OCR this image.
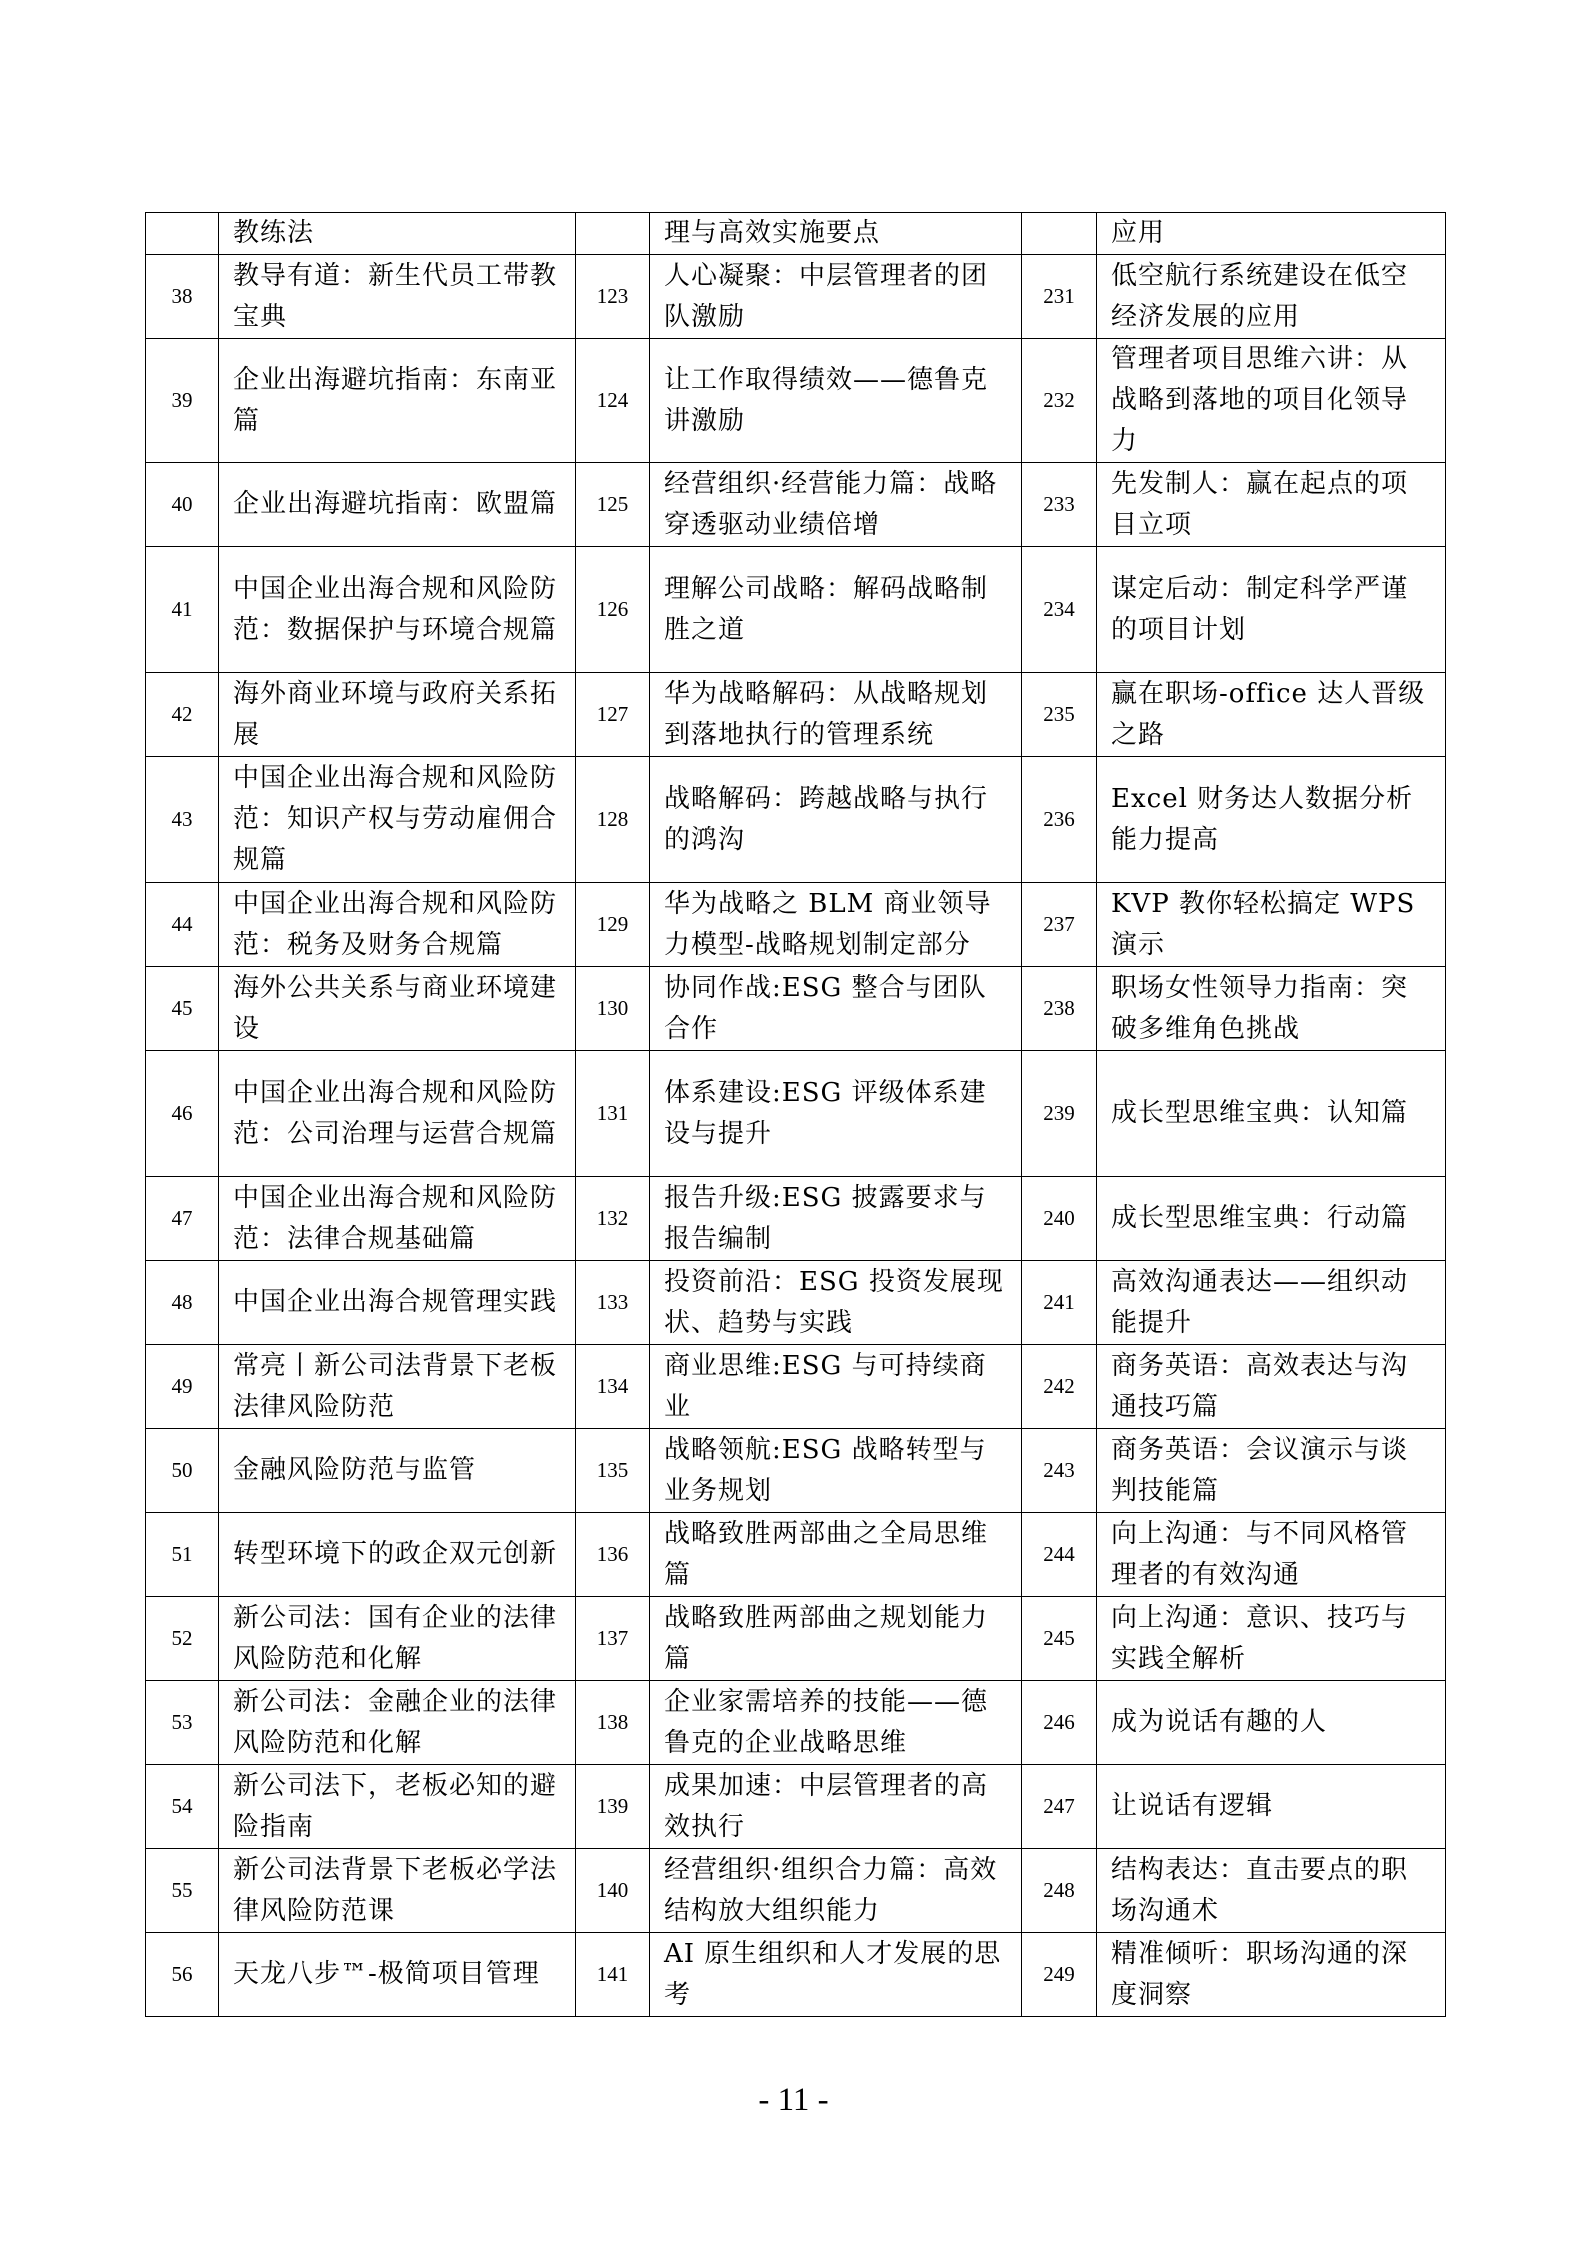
	教练法		理与高效实施要点		应用
38	教导有道：新生代员工带教宝典	123	人心凝聚：中层管理者的团队激励	231	低空航行系统建设在低空经济发展的应用
39	企业出海避坑指南：东南亚篇	124	让工作取得绩效——德鲁克讲激励	232	管理者项目思维六讲：从战略到落地的项目化领导力
40	企业出海避坑指南：欧盟篇	125	经营组织·经营能力篇：战略穿透驱动业绩倍增	233	先发制人：赢在起点的项目立项
41	中国企业出海合规和风险防范：数据保护与环境合规篇	126	理解公司战略：解码战略制胜之道	234	谋定后动：制定科学严谨的项目计划
42	海外商业环境与政府关系拓展	127	华为战略解码：从战略规划到落地执行的管理系统	235	赢在职场-office 达人晋级之路
43	中国企业出海合规和风险防范：知识产权与劳动雇佣合规篇	128	战略解码：跨越战略与执行的鸿沟	236	Excel 财务达人数据分析能力提高
44	中国企业出海合规和风险防范：税务及财务合规篇	129	华为战略之 BLM 商业领导力模型-战略规划制定部分	237	KVP 教你轻松搞定 WPS 演示
45	海外公共关系与商业环境建设	130	协同作战:ESG 整合与团队合作	238	职场女性领导力指南：突破多维角色挑战
46	中国企业出海合规和风险防范：公司治理与运营合规篇	131	体系建设:ESG 评级体系建设与提升	239	成长型思维宝典：认知篇
47	中国企业出海合规和风险防范：法律合规基础篇	132	报告升级:ESG 披露要求与报告编制	240	成长型思维宝典：行动篇
48	中国企业出海合规管理实践	133	投资前沿：ESG 投资发展现状、趋势与实践	241	高效沟通表达——组织动能提升
49	常亮丨新公司法背景下老板法律风险防范	134	商业思维:ESG 与可持续商业	242	商务英语：高效表达与沟通技巧篇
50	金融风险防范与监管	135	战略领航:ESG 战略转型与业务规划	243	商务英语：会议演示与谈判技能篇
51	转型环境下的政企双元创新	136	战略致胜两部曲之全局思维篇	244	向上沟通：与不同风格管理者的有效沟通
52	新公司法：国有企业的法律风险防范和化解	137	战略致胜两部曲之规划能力篇	245	向上沟通：意识、技巧与实践全解析
53	新公司法：金融企业的法律风险防范和化解	138	企业家需培养的技能——德鲁克的企业战略思维	246	成为说话有趣的人
54	新公司法下，老板必知的避险指南	139	成果加速：中层管理者的高效执行	247	让说话有逻辑
55	新公司法背景下老板必学法律风险防范课	140	经营组织·组织合力篇：高效结构放大组织能力	248	结构表达：直击要点的职场沟通术
56	天龙八步™-极简项目管理	141	AI 原生组织和人才发展的思考	249	精准倾听：职场沟通的深度洞察
- 11 -
